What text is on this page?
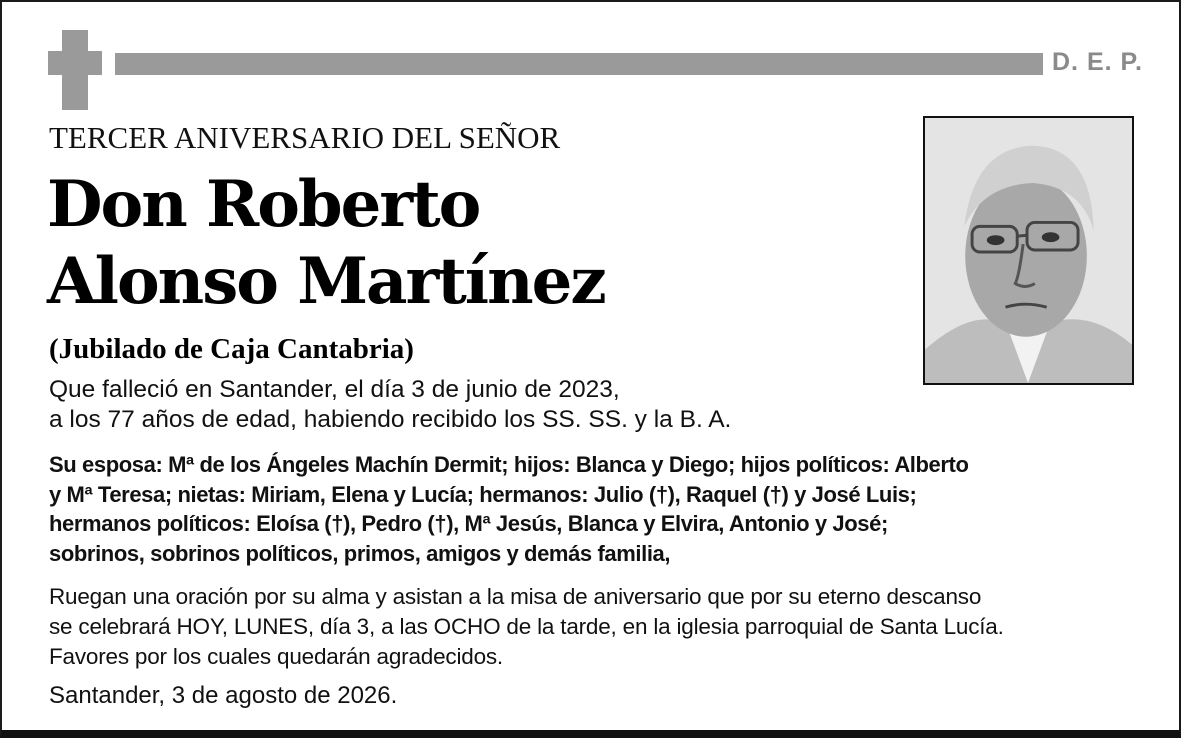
D. E. P.
TERCER ANIVERSARIO DEL SEÑOR
Don Roberto
Alonso Martínez
(Jubilado de Caja Cantabria)
Que falleció en Santander, el día 3 de junio de 2023,
a los 77 años de edad, habiendo recibido los SS. SS. y la B. A.
Su esposa: Mª de los Ángeles Machín Dermit; hijos: Blanca y Diego; hijos políticos: Alberto
y Mª Teresa; nietas: Miriam, Elena y Lucía; hermanos: Julio (†), Raquel (†) y José Luis;
hermanos políticos: Eloísa (†), Pedro (†), Mª Jesús, Blanca y Elvira, Antonio y José;
sobrinos, sobrinos políticos, primos, amigos y demás familia,
Ruegan una oración por su alma y asistan a la misa de aniversario que por su eterno descanso
se celebrará HOY, LUNES, día 3, a las OCHO de la tarde, en la iglesia parroquial de Santa Lucía.
Favores por los cuales quedarán agradecidos.
Santander, 3 de agosto de 2026.
